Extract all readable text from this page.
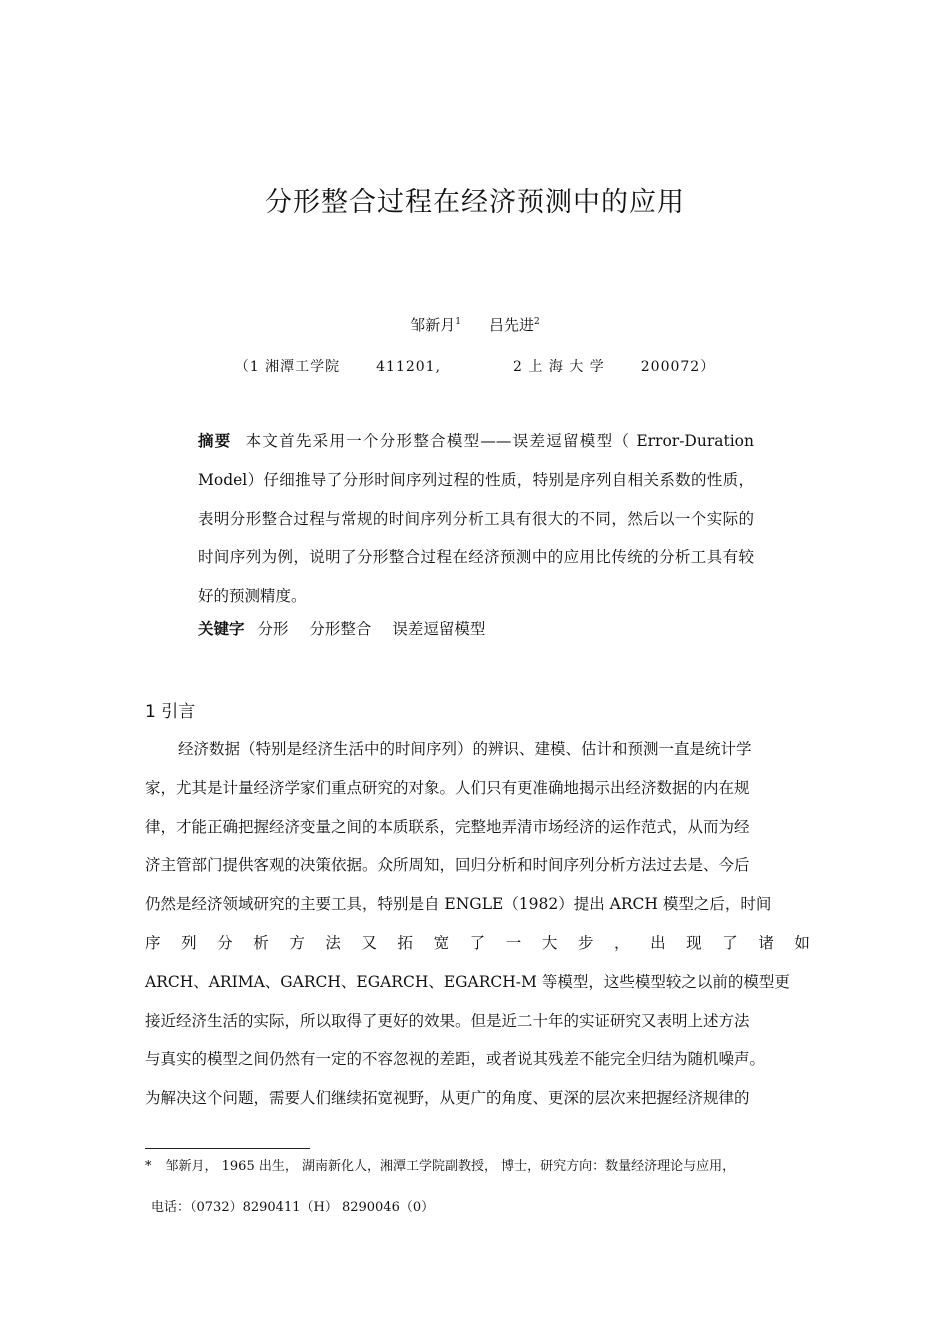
分形整合过程在经济预测中的应用
邹新月$^1$ 吕先进$^2$
（1 湘潭工学院	411201,	2 上 海 大 学	200072）
摘要 本文首先采用一个分形整合模型——误差逗留模型（ Error-Duration Model）仔细推导了分形时间序列过程的性质，特别是序列自相关系数的性质，表明分形整合过程与常规的时间序列分析工具有很大的不同，然后以一个实际的时间序列为例，说明了分形整合过程在经济预测中的应用比传统的分析工具有较好的预测精度。
关键字 分形 分形整合 误差逗留模型
1 引言
经济数据（特别是经济生活中的时间序列）的辨识、建模、估计和预测一直是统计学
家，尤其是计量经济学家们重点研究的对象。人们只有更准确地揭示出经济数据的内在规
律，才能正确把握经济变量之间的本质联系，完整地弄清市场经济的运作范式，从而为经
济主管部门提供客观的决策依据。众所周知，回归分析和时间序列分析方法过去是、今后
仍然是经济领域研究的主要工具，特别是自 ENGLE（1982）提出 ARCH 模型之后，时间
序 列 分 析 方 法 又 拓 宽 了 一 大 步 ， 出 现 了 诸 如
ARCH、ARIMA、GARCH、EGARCH、EGARCH-M 等模型，这些模型较之以前的模型更
接近经济生活的实际，所以取得了更好的效果。但是近二十年的实证研究又表明上述方法
与真实的模型之间仍然有一定的不容忽视的差距，或者说其残差不能完全归结为随机噪声。
为解决这个问题，需要人们继续拓宽视野，从更广的角度、更深的层次来把握经济规律的
* 邹新月， 1965 出生， 湖南新化人，湘潭工学院副教授， 博士，研究方向：数量经济理论与应用，
电话：（0732）8290411（H） 8290046（0）
